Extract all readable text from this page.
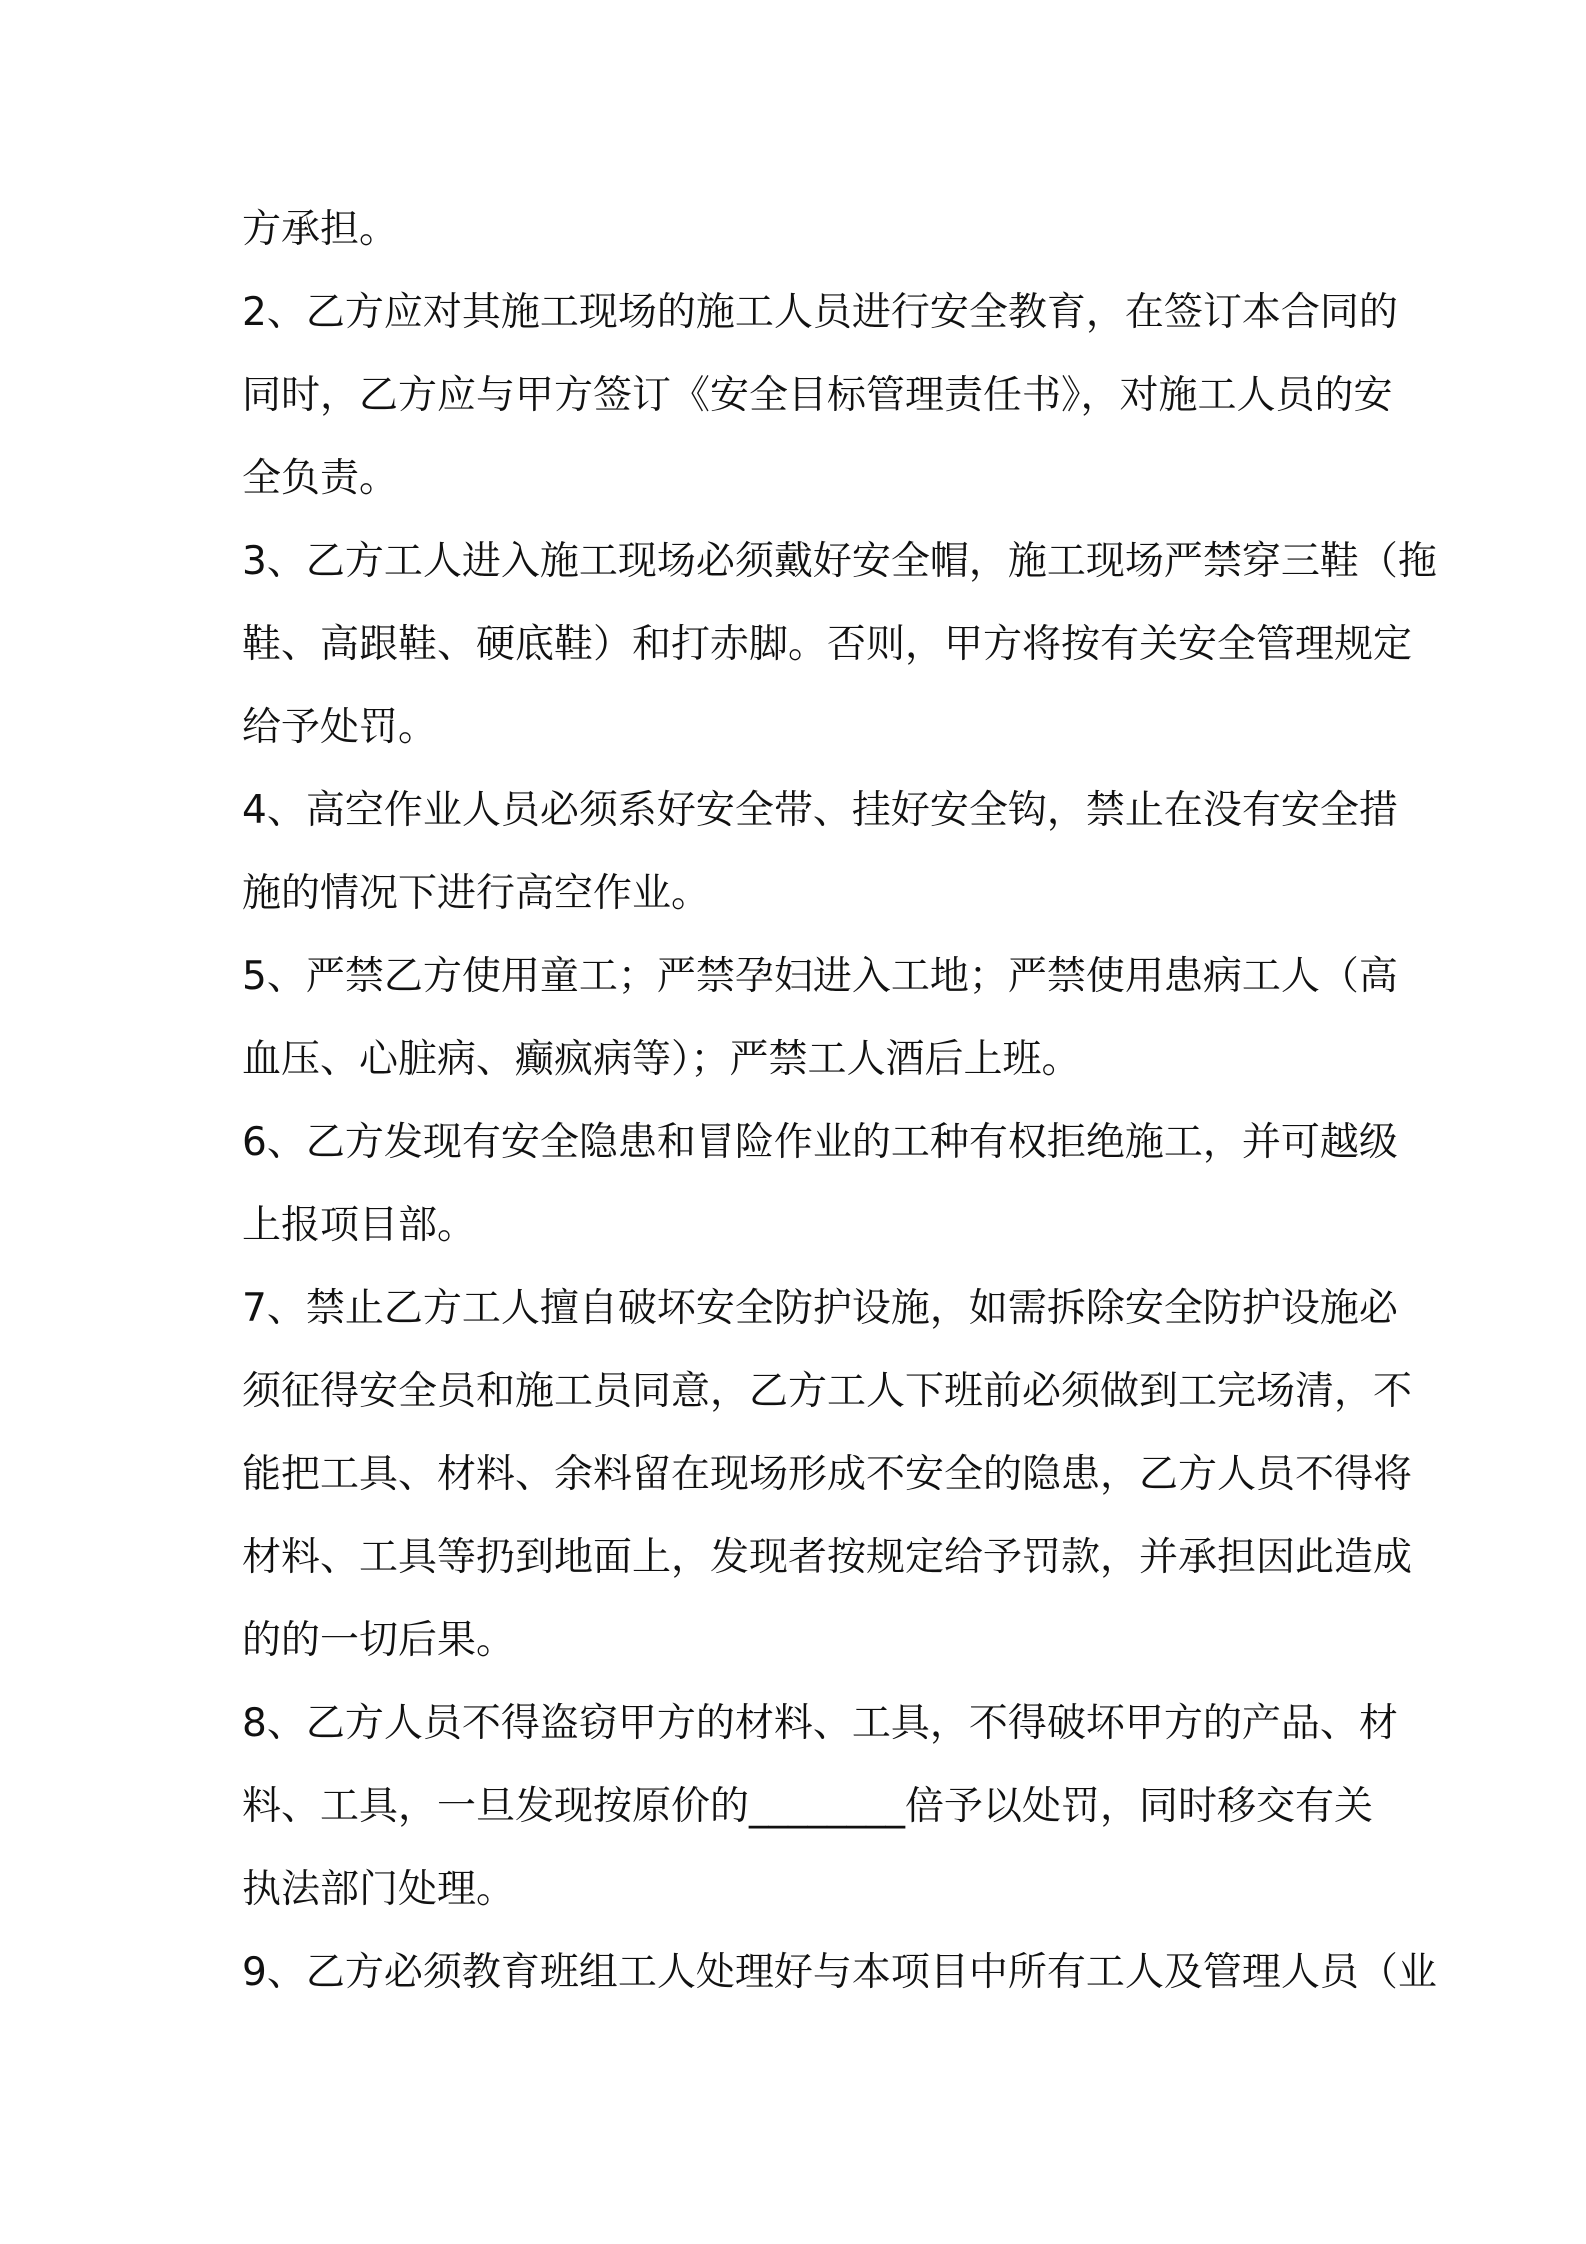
方承担。
2、乙方应对其施工现场的施工人员进行安全教育，在签订本合同的
同时，乙方应与甲方签订《安全目标管理责任书》，对施工人员的安
全负责。
3、乙方工人进入施工现场必须戴好安全帽，施工现场严禁穿三鞋（拖
鞋、高跟鞋、硬底鞋）和打赤脚。否则，甲方将按有关安全管理规定
给予处罚。
4、高空作业人员必须系好安全带、挂好安全钩，禁止在没有安全措
施的情况下进行高空作业。
5、严禁乙方使用童工；严禁孕妇进入工地；严禁使用患病工人（高
血压、心脏病、癫疯病等）；严禁工人酒后上班。
6、乙方发现有安全隐患和冒险作业的工种有权拒绝施工，并可越级
上报项目部。
7、禁止乙方工人擅自破坏安全防护设施，如需拆除安全防护设施必
须征得安全员和施工员同意，乙方工人下班前必须做到工完场清，不
能把工具、材料、余料留在现场形成不安全的隐患，乙方人员不得将
材料、工具等扔到地面上，发现者按规定给予罚款，并承担因此造成
的的一切后果。
8、乙方人员不得盗窃甲方的材料、工具，不得破坏甲方的产品、材
料、工具，一旦发现按原价的________倍予以处罚，同时移交有关
执法部门处理。
9、乙方必须教育班组工人处理好与本项目中所有工人及管理人员（业
